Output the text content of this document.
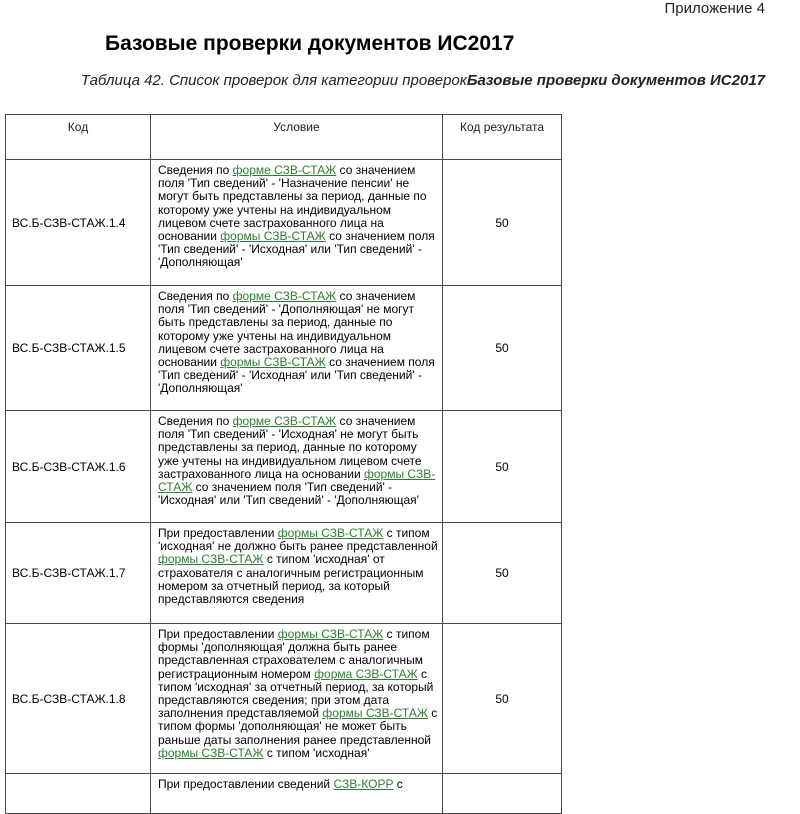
Приложение 4
Базовые проверки документов ИС2017
Таблица 42. Список проверок для категории проверокБазовые проверки документов ИС2017
Код	Условие	Код результата
ВС.Б-СЗВ-СТАЖ.1.4	Сведения по форме СЗВ-СТАЖ со значением поля 'Тип сведений' - 'Назначение пенсии' не могут быть представлены за период, данные по которому уже учтены на индивидуальном лицевом счете застрахованного лица на основании формы СЗВ-СТАЖ со значением поля 'Тип сведений' - 'Исходная' или 'Тип сведений' - 'Дополняющая'	50
ВС.Б-СЗВ-СТАЖ.1.5	Сведения по форме СЗВ-СТАЖ со значением поля 'Тип сведений' - 'Дополняющая' не могут быть представлены за период, данные по которому уже учтены на индивидуальном лицевом счете застрахованного лица на основании формы СЗВ-СТАЖ со значением поля 'Тип сведений' - 'Исходная' или 'Тип сведений' - 'Дополняющая'	50
ВС.Б-СЗВ-СТАЖ.1.6	Сведения по форме СЗВ-СТАЖ со значением поля 'Тип сведений' - 'Исходная' не могут быть представлены за период, данные по которому уже учтены на индивидуальном лицевом счете застрахованного лица на основании формы СЗВ-СТАЖ со значением поля 'Тип сведений' - 'Исходная' или 'Тип сведений' - 'Дополняющая'	50
ВС.Б-СЗВ-СТАЖ.1.7	При предоставлении формы СЗВ-СТАЖ с типом 'исходная' не должно быть ранее представленной формы СЗВ-СТАЖ с типом 'исходная' от страхователя с аналогичным регистрационным номером за отчетный период, за который представляются сведения	50
ВС.Б-СЗВ-СТАЖ.1.8	При предоставлении формы СЗВ-СТАЖ с типом формы 'дополняющая' должна быть ранее представленная страхователем с аналогичным регистрационным номером форма СЗВ-СТАЖ с типом 'исходная' за отчетный период, за который представляются сведения; при этом дата заполнения представляемой формы СЗВ-СТАЖ с типом формы 'дополняющая' не может быть раньше даты заполнения ранее представленной формы СЗВ-СТАЖ с типом 'исходная'	50
	При предоставлении сведений СЗВ-КОРР с	
